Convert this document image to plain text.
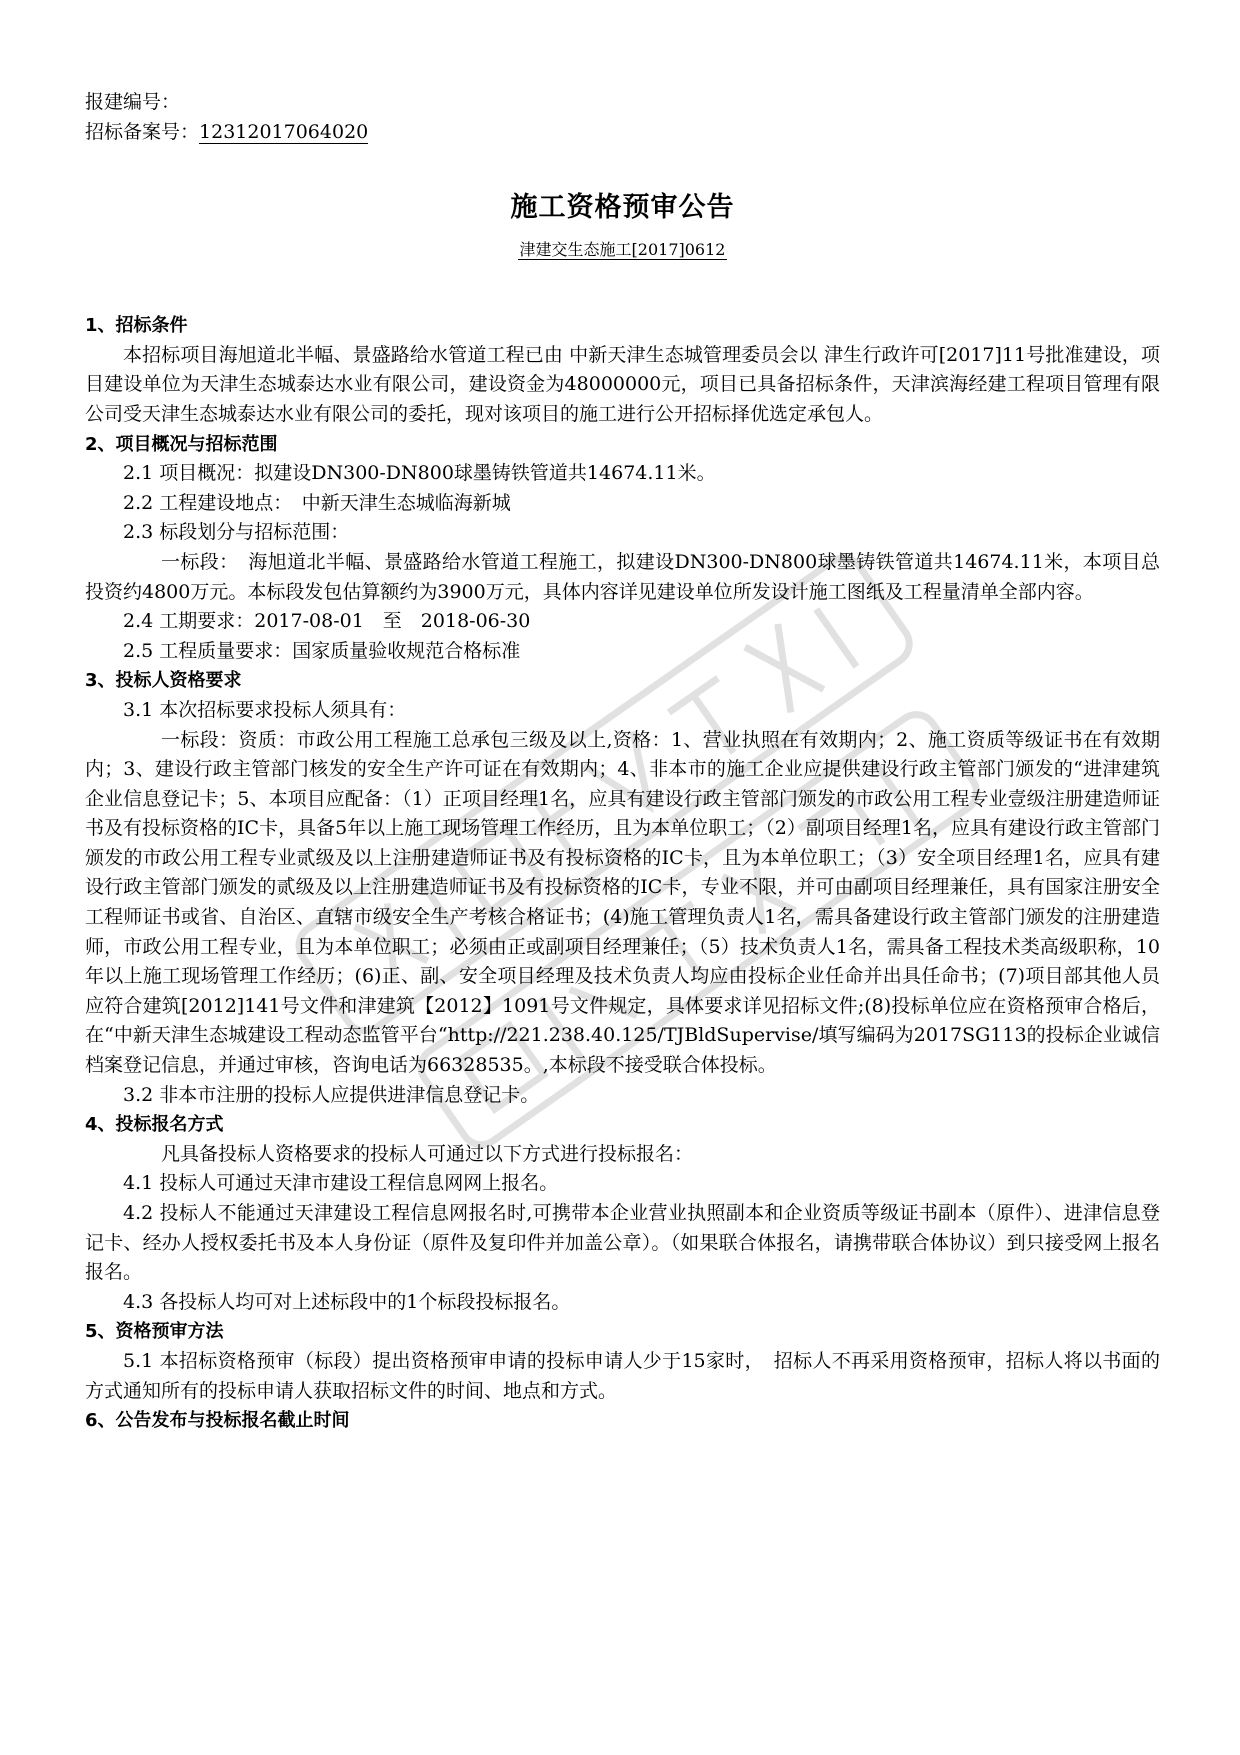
报建编号：

招标备案号：12312017064020

施工资格预审公告
津建交生态施工[2017]0612

1、招标条件

本招标项目海旭道北半幅、景盛路给水管道工程已由 中新天津生态城管理委员会以 津生行政许可[2017]11号批准建设，项目建设单位为天津生态城泰达水业有限公司，建设资金为48000000元，项目已具备招标条件，天津滨海经建工程项目管理有限公司受天津生态城泰达水业有限公司的委托，现对该项目的施工进行公开招标择优选定承包人。

2、项目概况与招标范围

2.1 项目概况：拟建设DN300-DN800球墨铸铁管道共14674.11米。

2.2 工程建设地点：　中新天津生态城临海新城

2.3 标段划分与招标范围：

一标段：　海旭道北半幅、景盛路给水管道工程施工，拟建设DN300-DN800球墨铸铁管道共14674.11米，本项目总投资约4800万元。本标段发包估算额约为3900万元，具体内容详见建设单位所发设计施工图纸及工程量清单全部内容。

2.4 工期要求：2017-08-01　至　2018-06-30

2.5 工程质量要求：国家质量验收规范合格标准

3、投标人资格要求

3.1 本次招标要求投标人须具有：

一标段：资质：市政公用工程施工总承包三级及以上,资格：1、营业执照在有效期内；2、施工资质等级证书在有效期内；3、建设行政主管部门核发的安全生产许可证在有效期内；4、非本市的施工企业应提供建设行政主管部门颁发的“进津建筑企业信息登记卡；5、本项目应配备：（1）正项目经理1名，应具有建设行政主管部门颁发的市政公用工程专业壹级注册建造师证书及有投标资格的IC卡，具备5年以上施工现场管理工作经历，且为本单位职工；（2）副项目经理1名，应具有建设行政主管部门颁发的市政公用工程专业贰级及以上注册建造师证书及有投标资格的IC卡，且为本单位职工；（3）安全项目经理1名，应具有建设行政主管部门颁发的贰级及以上注册建造师证书及有投标资格的IC卡，专业不限，并可由副项目经理兼任，具有国家注册安全工程师证书或省、自治区、直辖市级安全生产考核合格证书；(4)施工管理负责人1名，需具备建设行政主管部门颁发的注册建造师，市政公用工程专业，且为本单位职工；必须由正或副项目经理兼任；（5）技术负责人1名，需具备工程技术类高级职称，10年以上施工现场管理工作经历；(6)正、副、安全项目经理及技术负责人均应由投标企业任命并出具任命书；(7)项目部其他人员应符合建筑[2012]141号文件和津建筑【2012】1091号文件规定，具体要求详见招标文件;(8)投标单位应在资格预审合格后，在“中新天津生态城建设工程动态监管平台“http://221.238.40.125/TJBldSupervise/填写编码为2017SG113的投标企业诚信档案登记信息，并通过审核，咨询电话为66328535。,本标段不接受联合体投标。

3.2 非本市注册的投标人应提供进津信息登记卡。

4、投标报名方式

凡具备投标人资格要求的投标人可通过以下方式进行投标报名：

4.1 投标人可通过天津市建设工程信息网网上报名。

4.2 投标人不能通过天津建设工程信息网报名时,可携带本企业营业执照副本和企业资质等级证书副本（原件）、进津信息登记卡、经办人授权委托书及本人身份证（原件及复印件并加盖公章）。（如果联合体报名，请携带联合体协议）到只接受网上报名报名。

4.3 各投标人均可对上述标段中的1个标段投标报名。

5、资格预审方法

5.1 本招标资格预审（标段）提出资格预审申请的投标申请人少于15家时，　招标人不再采用资格预审，招标人将以书面的方式通知所有的投标申请人获取招标文件的时间、地点和方式。

6、公告发布与投标报名截止时间
